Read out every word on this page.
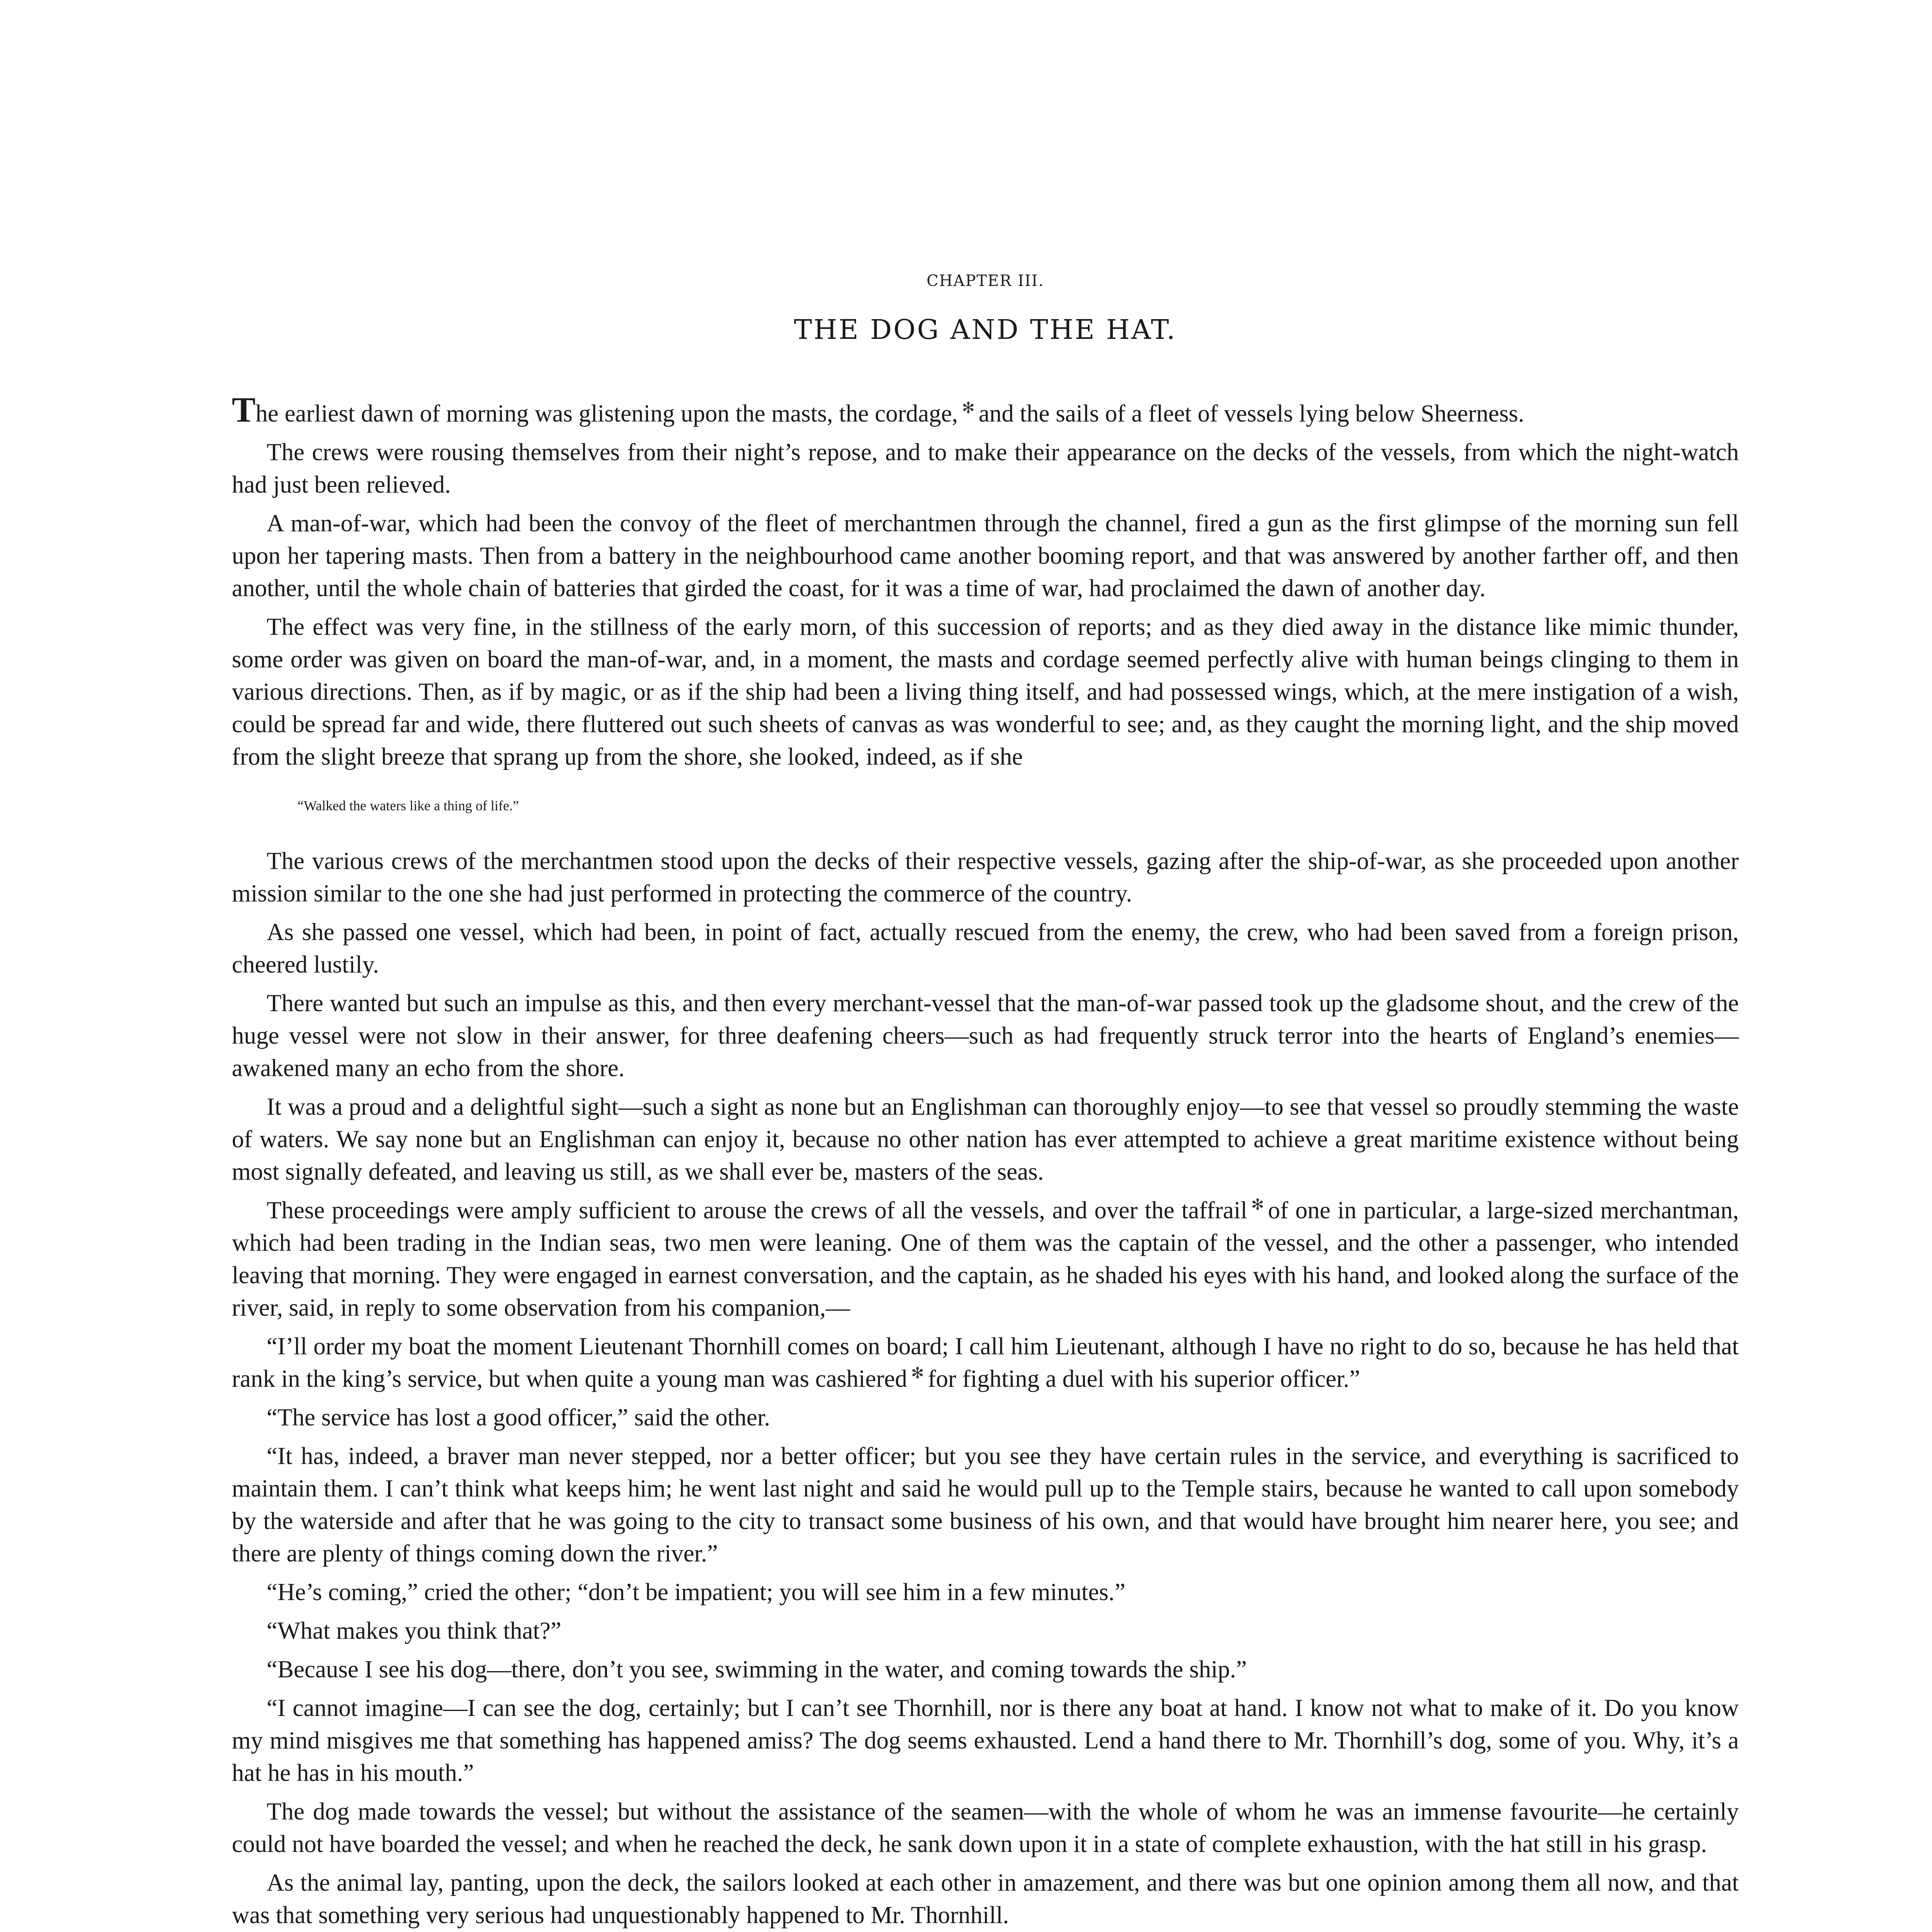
CHAPTER III.
THE DOG AND THE HAT.

The earliest dawn of morning was glistening upon the masts, the cordage, ✻ and the sails of a fleet of vessels lying below Sheerness.

The crews were rousing themselves from their night’s repose, and to make their appearance on the decks of the vessels, from which the night-watch had just been relieved.

A man-of-war, which had been the convoy of the fleet of merchantmen through the channel, fired a gun as the first glimpse of the morning sun fell upon her tapering masts. Then from a battery in the neighbourhood came another booming report, and that was answered by another farther off, and then another, until the whole chain of batteries that girded the coast, for it was a time of war, had proclaimed the dawn of another day.

The effect was very fine, in the stillness of the early morn, of this succession of reports; and as they died away in the distance like mimic thunder, some order was given on board the man-of-war, and, in a moment, the masts and cordage seemed perfectly alive with human beings clinging to them in various directions. Then, as if by magic, or as if the ship had been a living thing itself, and had possessed wings, which, at the mere instigation of a wish, could be spread far and wide, there fluttered out such sheets of canvas as was wonderful to see; and, as they caught the morning light, and the ship moved from the slight breeze that sprang up from the shore, she looked, indeed, as if she

“Walked the waters like a thing of life.”

The various crews of the merchantmen stood upon the decks of their respective vessels, gazing after the ship-of-war, as she proceeded upon another mission similar to the one she had just performed in protecting the commerce of the country.

As she passed one vessel, which had been, in point of fact, actually rescued from the enemy, the crew, who had been saved from a foreign prison, cheered lustily.

There wanted but such an impulse as this, and then every merchant-vessel that the man-of-war passed took up the gladsome shout, and the crew of the huge vessel were not slow in their answer, for three deafening cheers—such as had frequently struck terror into the hearts of England’s enemies—awakened many an echo from the shore.

It was a proud and a delightful sight—such a sight as none but an Englishman can thoroughly enjoy—to see that vessel so proudly stemming the waste of waters. We say none but an Englishman can enjoy it, because no other nation has ever attempted to achieve a great maritime existence without being most signally defeated, and leaving us still, as we shall ever be, masters of the seas.

These proceedings were amply sufficient to arouse the crews of all the vessels, and over the taffrail ✻ of one in particular, a large-sized merchantman, which had been trading in the Indian seas, two men were leaning. One of them was the captain of the vessel, and the other a passenger, who intended leaving that morning. They were engaged in earnest conversation, and the captain, as he shaded his eyes with his hand, and looked along the surface of the river, said, in reply to some observation from his companion,—

“I’ll order my boat the moment Lieutenant Thornhill comes on board; I call him Lieutenant, although I have no right to do so, because he has held that rank in the king’s service, but when quite a young man was cashiered ✻ for fighting a duel with his superior officer.”

“The service has lost a good officer,” said the other.

“It has, indeed, a braver man never stepped, nor a better officer; but you see they have certain rules in the service, and everything is sacrificed to maintain them. I can’t think what keeps him; he went last night and said he would pull up to the Temple stairs, because he wanted to call upon somebody by the waterside and after that he was going to the city to transact some business of his own, and that would have brought him nearer here, you see; and there are plenty of things coming down the river.”

“He’s coming,” cried the other; “don’t be impatient; you will see him in a few minutes.”

“What makes you think that?”

“Because I see his dog—there, don’t you see, swimming in the water, and coming towards the ship.”

“I cannot imagine—I can see the dog, certainly; but I can’t see Thornhill, nor is there any boat at hand. I know not what to make of it. Do you know my mind misgives me that something has happened amiss? The dog seems exhausted. Lend a hand there to Mr. Thornhill’s dog, some of you. Why, it’s a hat he has in his mouth.”

The dog made towards the vessel; but without the assistance of the seamen—with the whole of whom he was an immense favourite—he certainly could not have boarded the vessel; and when he reached the deck, he sank down upon it in a state of complete exhaustion, with the hat still in his grasp.

As the animal lay, panting, upon the deck, the sailors looked at each other in amazement, and there was but one opinion among them all now, and that was that something very serious had unquestionably happened to Mr. Thornhill.
